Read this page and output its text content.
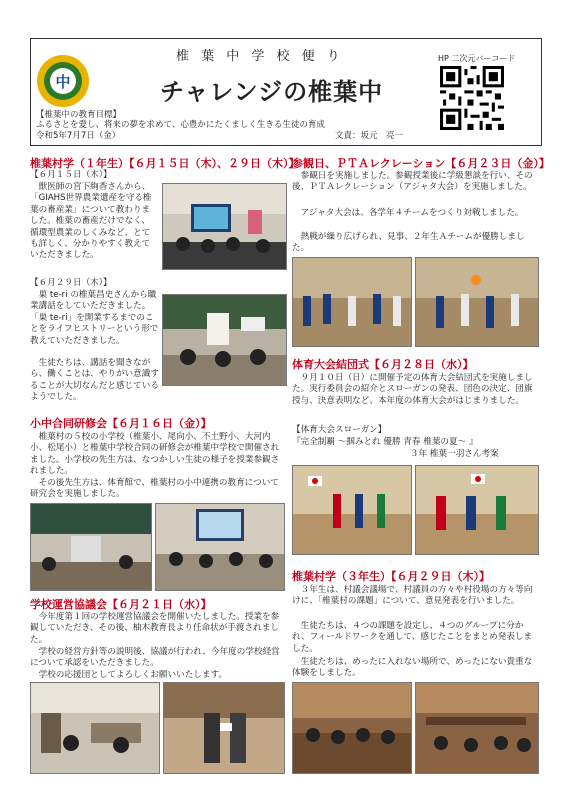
中
椎 葉 中 学 校 便 り
チャレンジの椎葉中
HP 二次元バーコード
【椎葉中の教育目標】
ふるさとを愛し、将来の夢を求めて、心豊かにたくましく生きる生徒の育成
令和5年7月7日（金）	文責：坂元　亮一
椎葉村学（１年生）【６月１５日（木）、２９日（木）】
【６月１５日（木）】
獣医師の宮下絢香さんから、「GIAHS世界農業遺産を守る椎葉の畜産業」について教わりました。椎葉の畜産だけでなく、循環型農業のしくみなど、とても詳しく、分かりやすく教えていただきました。
【６月２９日（木）】
巣 te-ri の椎葉昌史さんから職業講話をしていただきました。「巣 te-ri」を開業するまでのことをライフヒストリーという形で教えていただきました。
生徒たちは、講話を聞きながら、働くことは、やりがい意識することが大切なんだと感じているようでした。
小中合同研修会【６月１６日（金）】
椎葉村の５校の小学校（椎葉小、尾向小、不土野小、大河内小、松尾小）と椎葉中学校合同の研修会が椎葉中学校で開催されました。小学校の先生方は、なつかしい生徒の様子を授業参観されました。
その後先生方は、体育館で、椎葉村の小中連携の教育について研究会を実施しました。
学校運営協議会【６月２１日（水）】
今年度第１回の学校運営協議会を開催いたしました。授業を参観していただき、その後、柚木教育長より任命状が手渡されました。
学校の経営方針等の説明後、協議が行われ、今年度の学校経営について承認をいただきました。
学校の応援団としてよろしくお願いいたします。
参観日、ＰＴＡレクレーション【６月２３日（金）】
参観日を実施しました。参観授業後に学級懇談を行い、その後、ＰＴＡレクレーション（アジャタ大会）を実施しました。
アジャタ大会は、各学年４チームをつくり対戦しました。
熱戦が繰り広げられ、見事、２年生Ａチームが優勝しました。
体育大会結団式【６月２８日（水）】
９月１０日（日）に開催予定の体育大会結団式を実施しました。実行委員会の紹介とスローガンの発表、団色の決定、団旗授与、決意表明など、本年度の体育大会がはじまりました。
【体育大会スローガン】
『完全制覇 ～掴みとれ 優勝 青春 椎葉の夏～ 』
３年 椎葉一羽さん考案
椎葉村学（３年生）【６月２９日（木）】
３年生は、村議会議場で、村議員の方々や村役場の方々等向けに、「椎葉村の課題」について、意見発表を行いました。
生徒たちは、４つの課題を設定し、４つのグループに分かれ、フィールドワークを通して、感じたことをまとめ発表しました。
生徒たちは、めったに入れない場所で、めったにない貴重な体験をしました。
